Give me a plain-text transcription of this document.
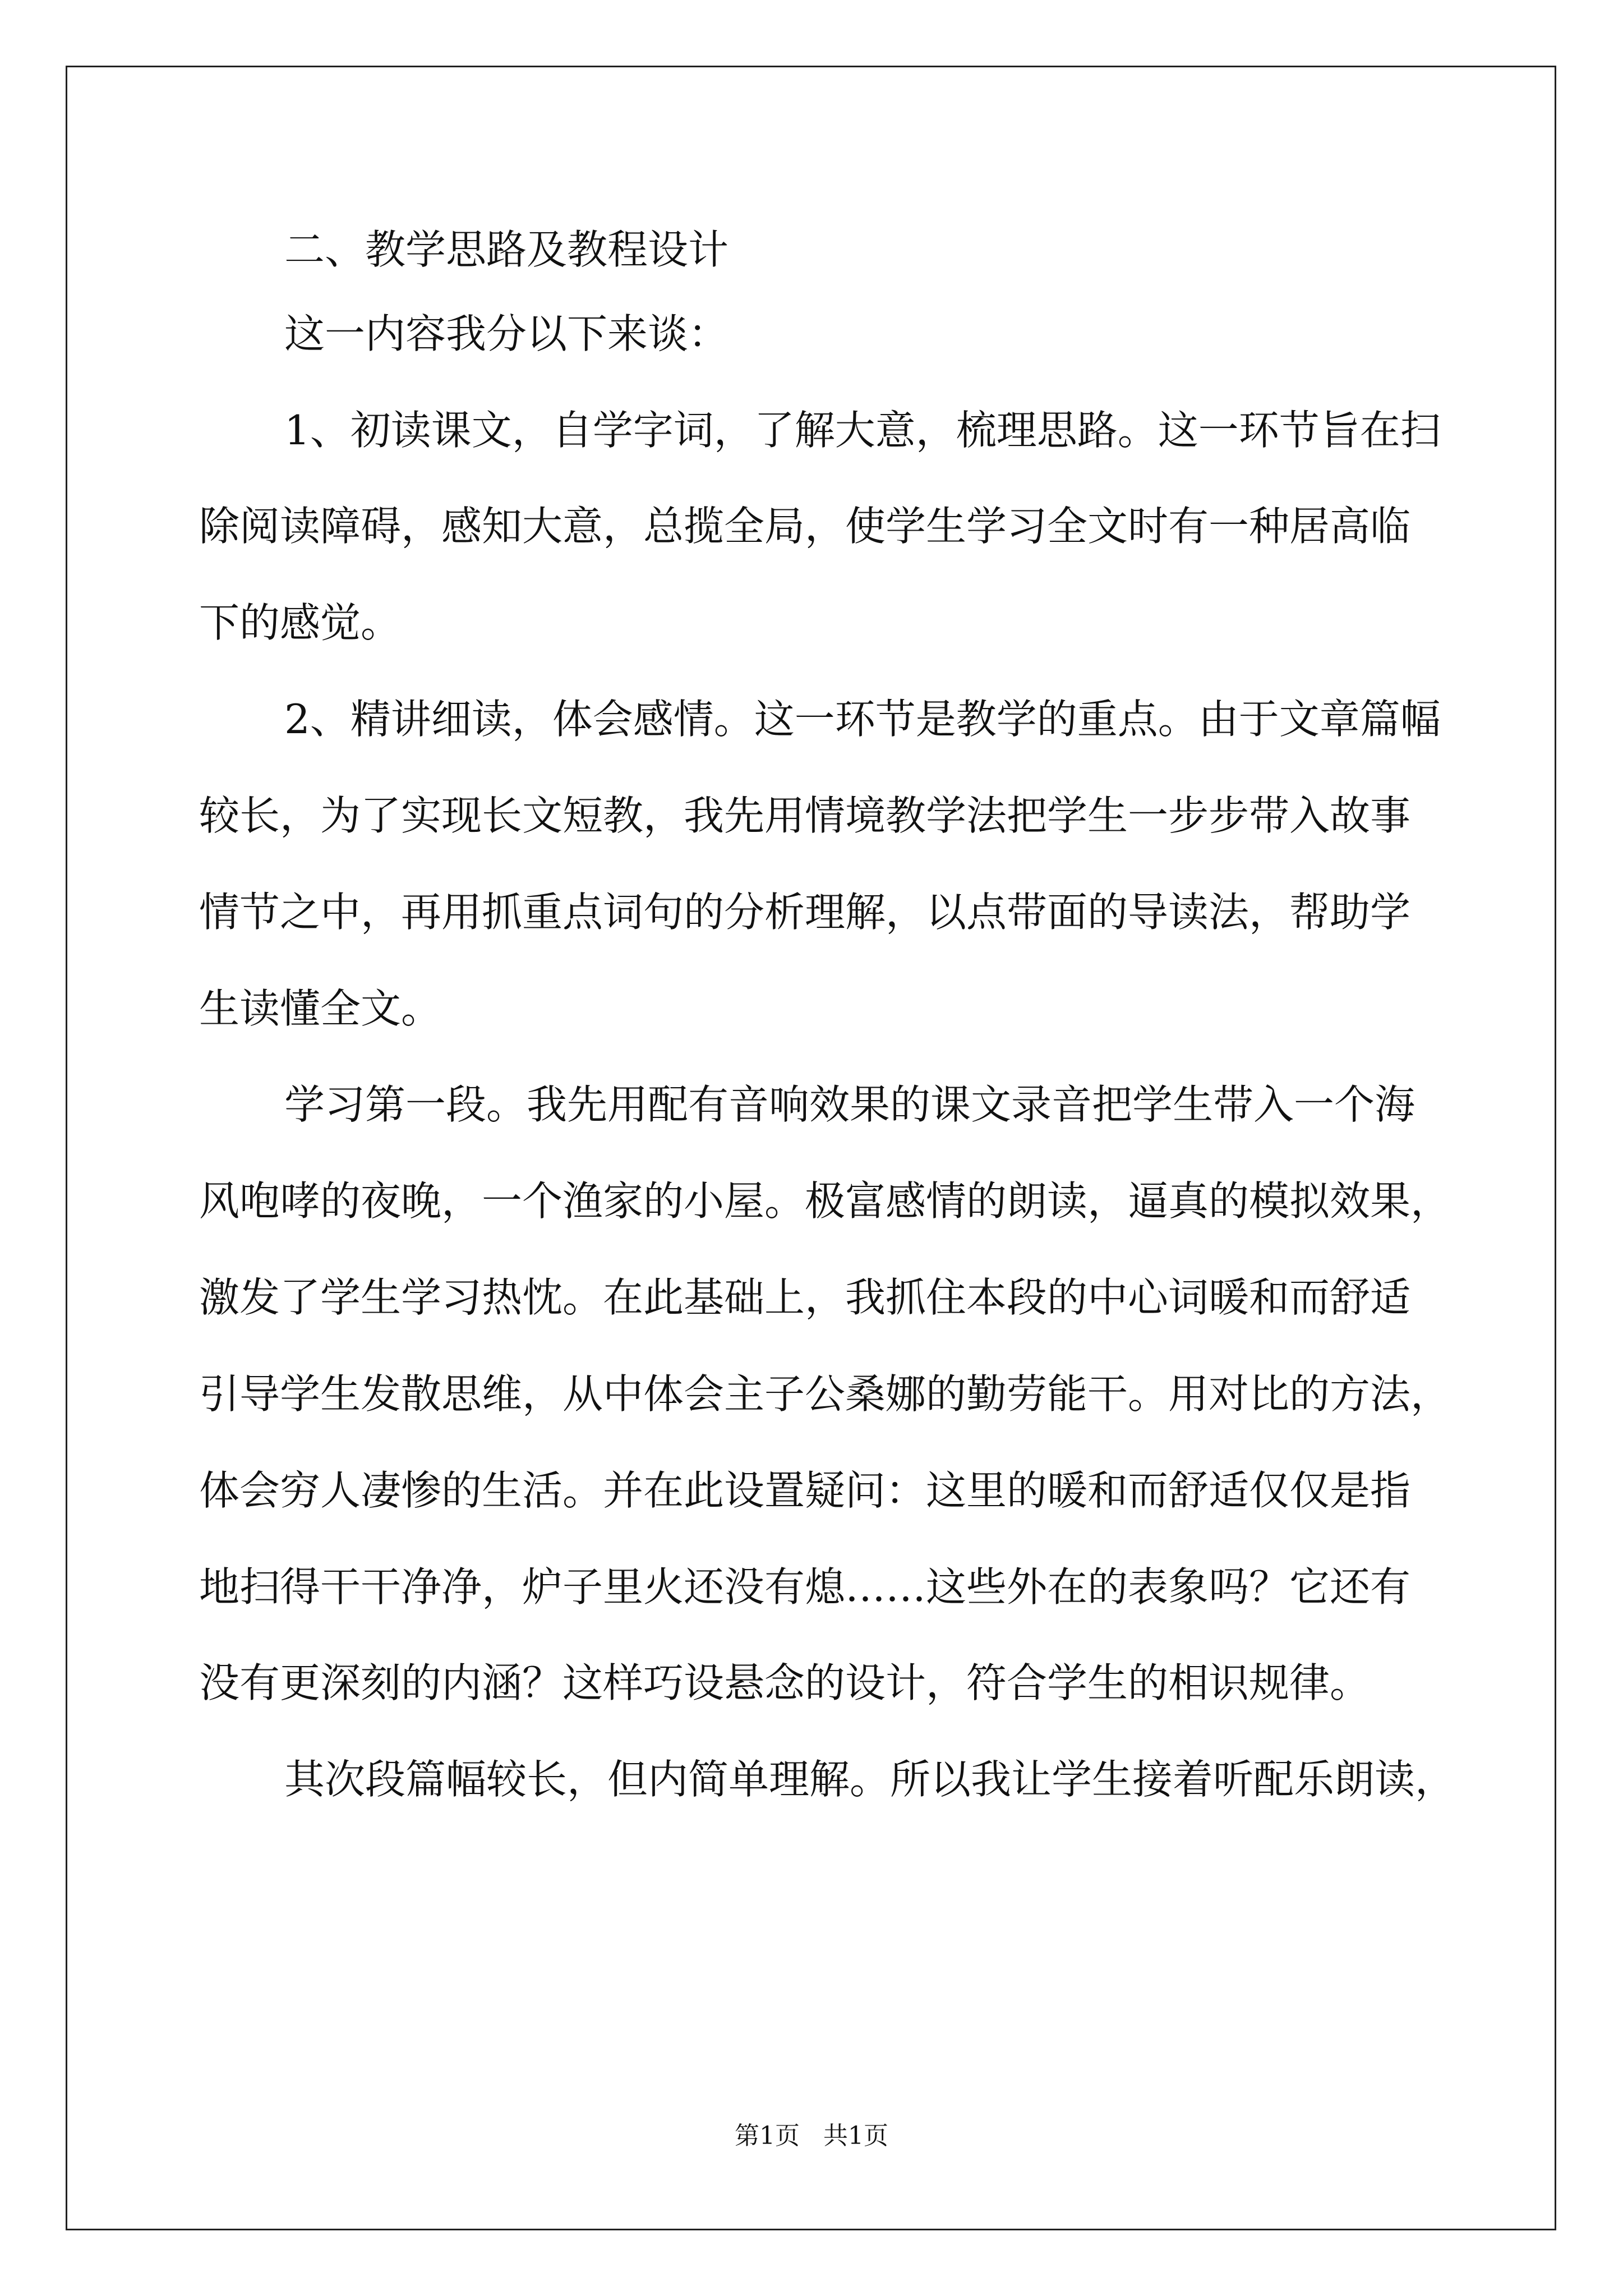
二、教学思路及教程设计
这一内容我分以下来谈：
1、初读课文，自学字词，了解大意，梳理思路。这一环节旨在扫
除阅读障碍，感知大意，总揽全局，使学生学习全文时有一种居高临
下的感觉。
2、精讲细读，体会感情。这一环节是教学的重点。由于文章篇幅
较长，为了实现长文短教，我先用情境教学法把学生一步步带入故事
情节之中，再用抓重点词句的分析理解，以点带面的导读法，帮助学
生读懂全文。
学习第一段。我先用配有音响效果的课文录音把学生带入一个海
风咆哮的夜晚，一个渔家的小屋。极富感情的朗读，逼真的模拟效果，
激发了学生学习热忱。在此基础上，我抓住本段的中心词暖和而舒适
引导学生发散思维，从中体会主子公桑娜的勤劳能干。用对比的方法，
体会穷人凄惨的生活。并在此设置疑问：这里的暖和而舒适仅仅是指
地扫得干干净净，炉子里火还没有熄……这些外在的表象吗？它还有
没有更深刻的内涵？这样巧设悬念的设计，符合学生的相识规律。
其次段篇幅较长，但内简单理解。所以我让学生接着听配乐朗读，
第1页   共1页
